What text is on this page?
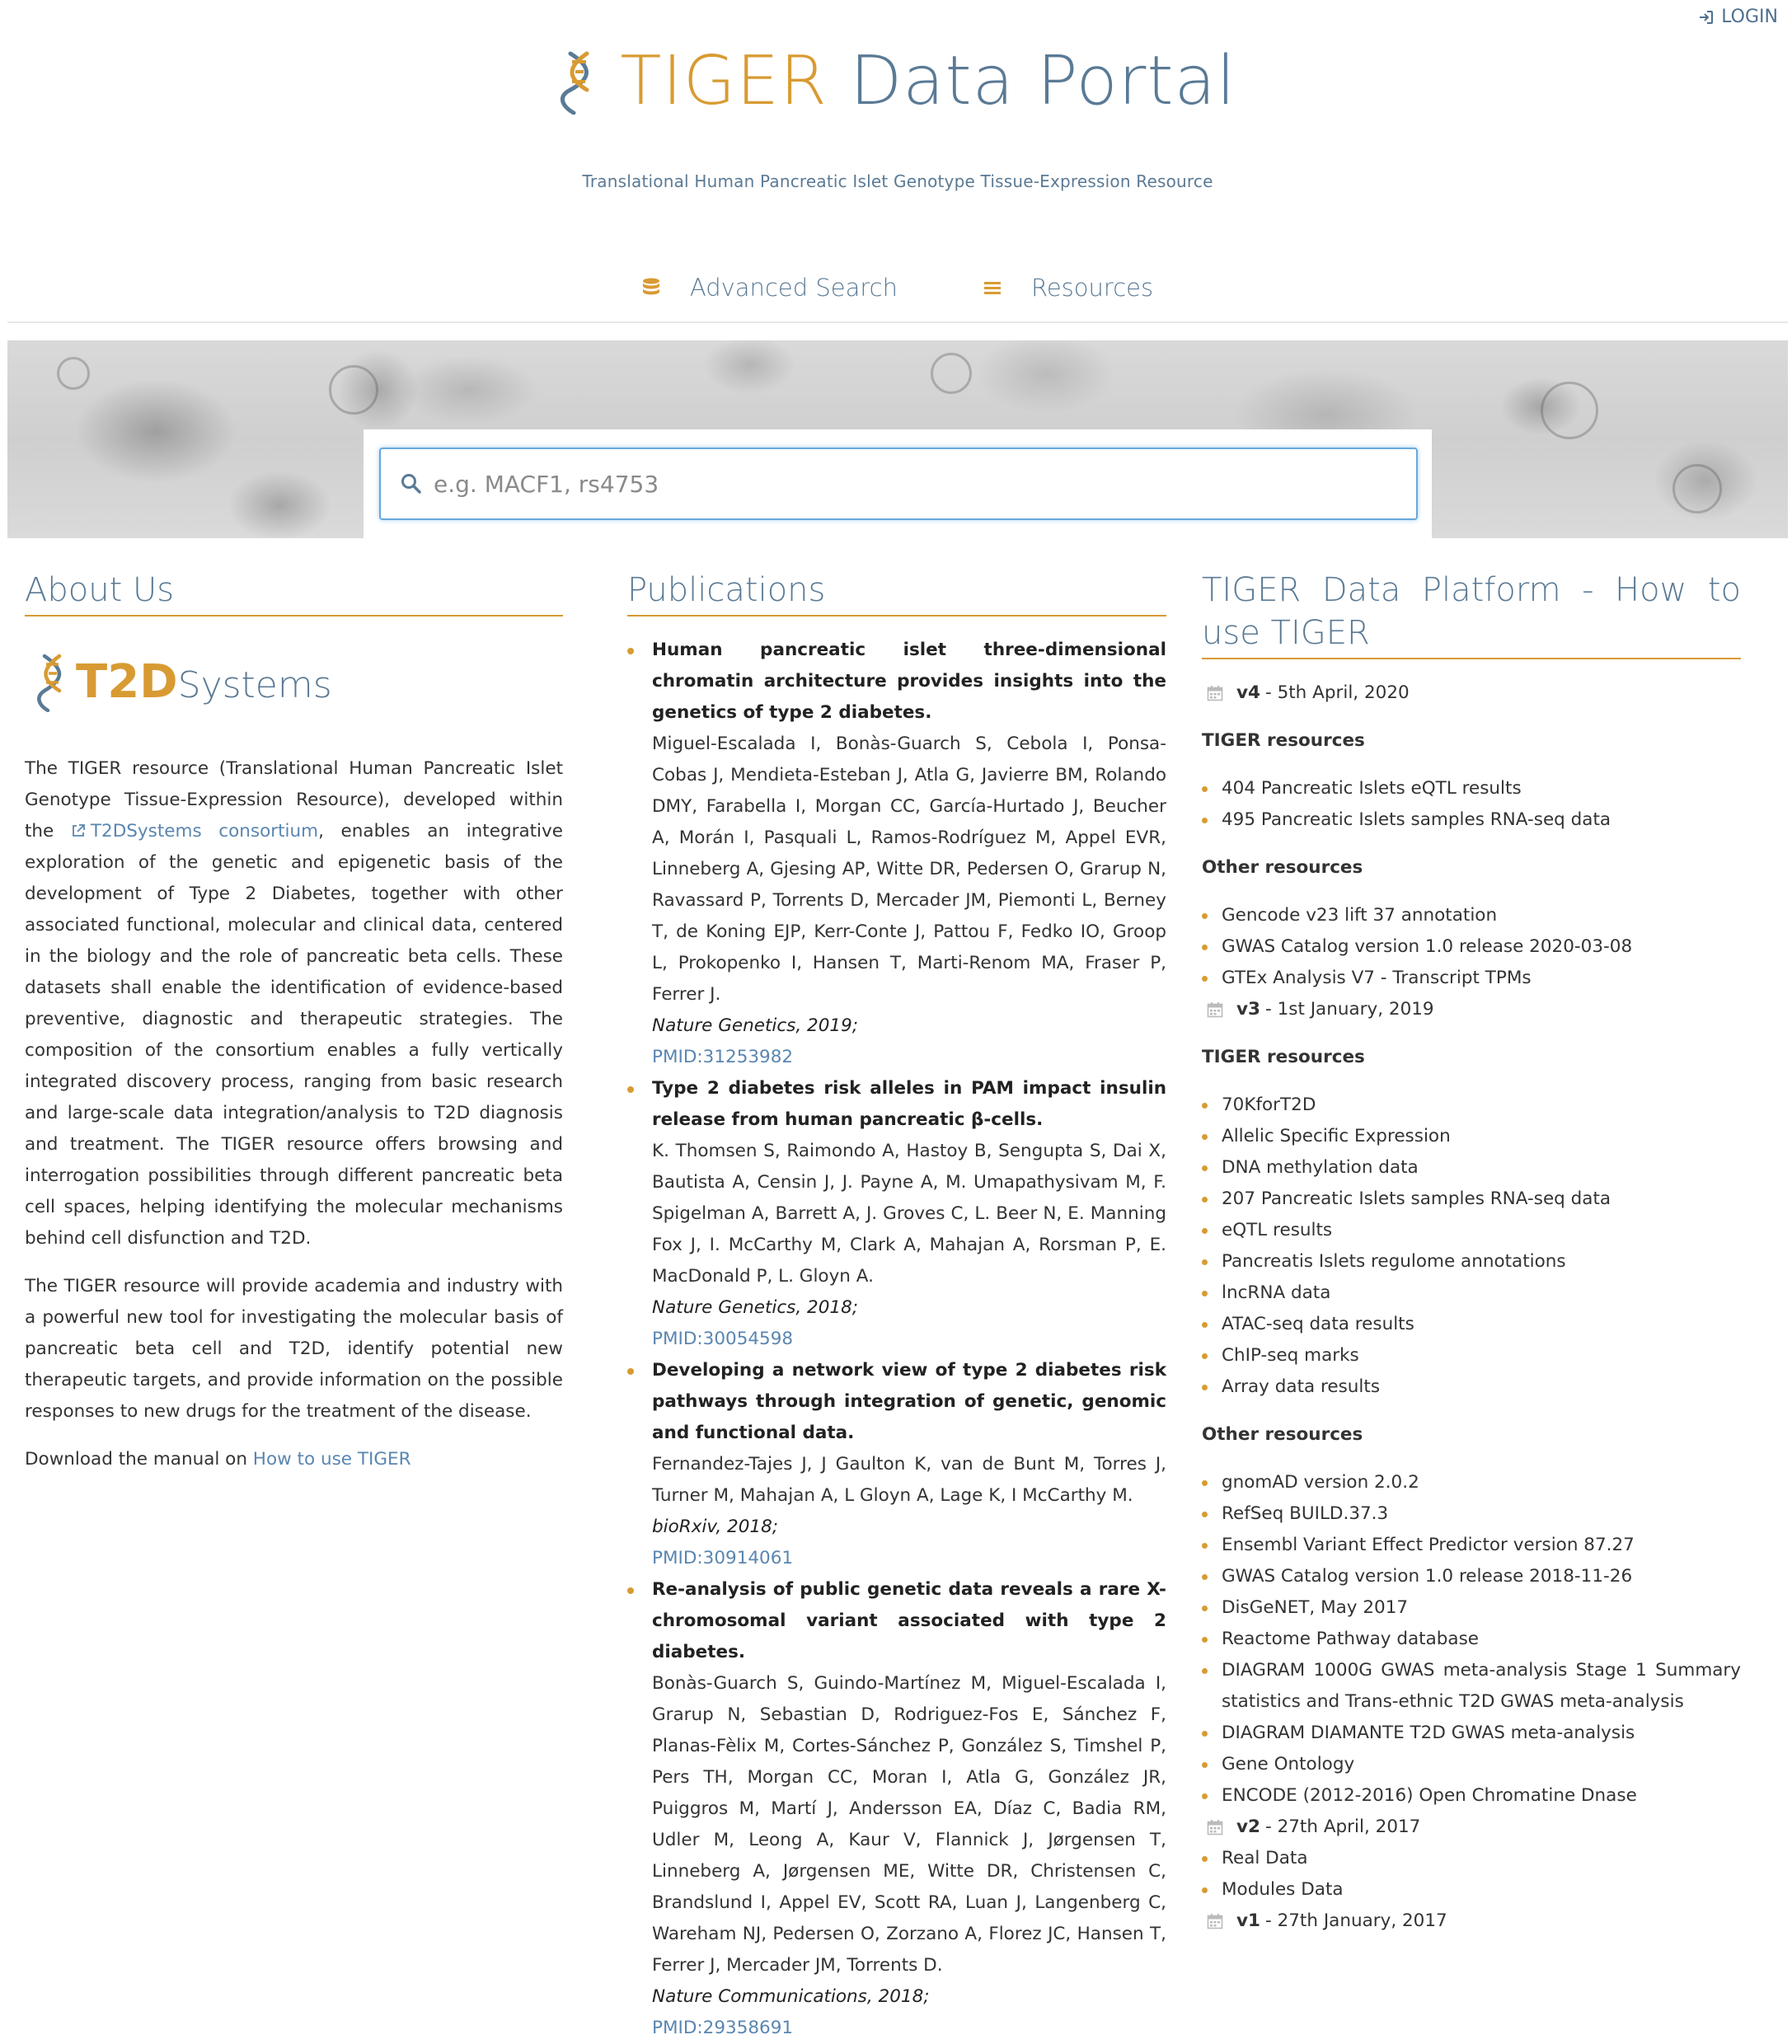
LOGIN
TIGER Data Portal
Translational Human Pancreatic Islet Genotype Tissue-Expression Resource
Advanced Search	Resources
e.g. MACF1, rs4753
About Us
T2DSystems

The TIGER resource (Translational Human Pancreatic Islet Genotype Tissue-Expression Resource), developed within the T2DSystems consortium, enables an integrative exploration of the genetic and epigenetic basis of the development of Type 2 Diabetes, together with other associated functional, molecular and clinical data, centered in the biology and the role of pancreatic beta cells. These datasets shall enable the identification of evidence-based preventive, diagnostic and therapeutic strategies. The composition of the consortium enables a fully vertically integrated discovery process, ranging from basic research and large-scale data integration/analysis to T2D diagnosis and treatment. The TIGER resource offers browsing and interrogation possibilities through different pancreatic beta cell spaces, helping identifying the molecular mechanisms behind cell disfunction and T2D.

The TIGER resource will provide academia and industry with a powerful new tool for investigating the molecular basis of pancreatic beta cell and T2D, identify potential new therapeutic targets, and provide information on the possible responses to new drugs for the treatment of the disease.

Download the manual on How to use TIGER

Publications
Human pancreatic islet three-dimensional chromatin architecture provides insights into the genetics of type 2 diabetes.
Miguel-Escalada I, Bonàs-Guarch S, Cebola I, Ponsa-Cobas J, Mendieta-Esteban J, Atla G, Javierre BM, Rolando DMY, Farabella I, Morgan CC, García-Hurtado J, Beucher A, Morán I, Pasquali L, Ramos-Rodríguez M, Appel EVR, Linneberg A, Gjesing AP, Witte DR, Pedersen O, Grarup N, Ravassard P, Torrents D, Mercader JM, Piemonti L, Berney T, de Koning EJP, Kerr-Conte J, Pattou F, Fedko IO, Groop L, Prokopenko I, Hansen T, Marti-Renom MA, Fraser P, Ferrer J.
Nature Genetics, 2019;
PMID:31253982
Type 2 diabetes risk alleles in PAM impact insulin release from human pancreatic β-cells.
K. Thomsen S, Raimondo A, Hastoy B, Sengupta S, Dai X, Bautista A, Censin J, J. Payne A, M. Umapathysivam M, F. Spigelman A, Barrett A, J. Groves C, L. Beer N, E. Manning Fox J, I. McCarthy M, Clark A, Mahajan A, Rorsman P, E. MacDonald P, L. Gloyn A.
Nature Genetics, 2018;
PMID:30054598
Developing a network view of type 2 diabetes risk pathways through integration of genetic, genomic and functional data.
Fernandez-Tajes J, J Gaulton K, van de Bunt M, Torres J, Turner M, Mahajan A, L Gloyn A, Lage K, I McCarthy M.
bioRxiv, 2018;
PMID:30914061
Re-analysis of public genetic data reveals a rare X-chromosomal variant associated with type 2 diabetes.
Bonàs-Guarch S, Guindo-Martínez M, Miguel-Escalada I, Grarup N, Sebastian D, Rodriguez-Fos E, Sánchez F, Planas-Fèlix M, Cortes-Sánchez P, González S, Timshel P, Pers TH, Morgan CC, Moran I, Atla G, González JR, Puiggros M, Martí J, Andersson EA, Díaz C, Badia RM, Udler M, Leong A, Kaur V, Flannick J, Jørgensen T, Linneberg A, Jørgensen ME, Witte DR, Christensen C, Brandslund I, Appel EV, Scott RA, Luan J, Langenberg C, Wareham NJ, Pedersen O, Zorzano A, Florez JC, Hansen T, Ferrer J, Mercader JM, Torrents D.
Nature Communications, 2018;
PMID:29358691
TIGER Data Platform - How to use TIGER
v4 - 5th April, 2020
TIGER resources
404 Pancreatic Islets eQTL results
495 Pancreatic Islets samples RNA-seq data
Other resources
Gencode v23 lift 37 annotation
GWAS Catalog version 1.0 release 2020-03-08
GTEx Analysis V7 - Transcript TPMs
v3 - 1st January, 2019
TIGER resources
70KforT2D
Allelic Specific Expression
DNA methylation data
207 Pancreatic Islets samples RNA-seq data
eQTL results
Pancreatis Islets regulome annotations
lncRNA data
ATAC-seq data results
ChIP-seq marks
Array data results
Other resources
gnomAD version 2.0.2
RefSeq BUILD.37.3
Ensembl Variant Effect Predictor version 87.27
GWAS Catalog version 1.0 release 2018-11-26
DisGeNET, May 2017
Reactome Pathway database
DIAGRAM 1000G GWAS meta-analysis Stage 1 Summary statistics and Trans-ethnic T2D GWAS meta-analysis
DIAGRAM DIAMANTE T2D GWAS meta-analysis
Gene Ontology
ENCODE (2012-2016) Open Chromatine Dnase
v2 - 27th April, 2017
Real Data
Modules Data
v1 - 27th January, 2017
